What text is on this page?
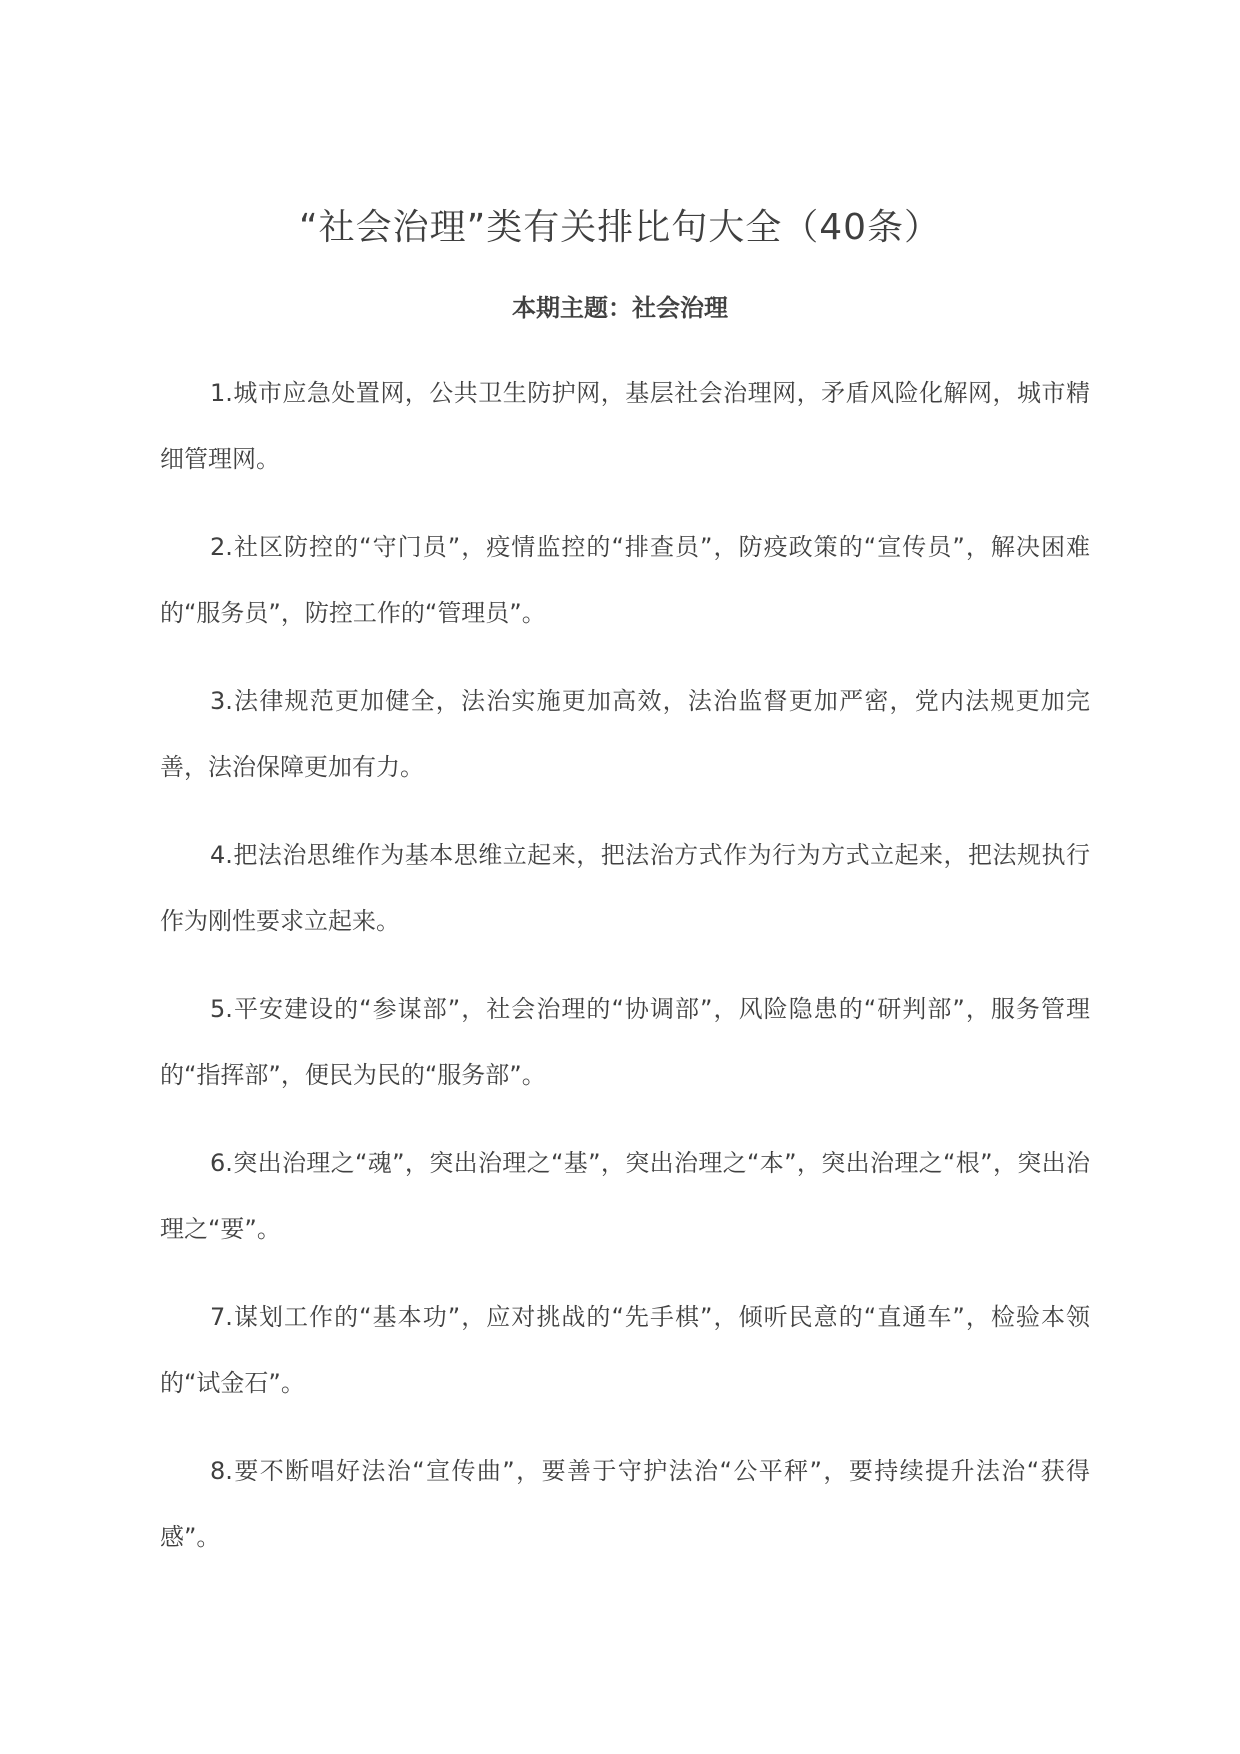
“社会治理”类有关排比句大全（40条）
本期主题：社会治理
1.城市应急处置网，公共卫生防护网，基层社会治理网，矛盾风险化解网，城市精细管理网。
2.社区防控的“守门员”，疫情监控的“排查员”，防疫政策的“宣传员”，解决困难的“服务员”，防控工作的“管理员”。
3.法律规范更加健全，法治实施更加高效，法治监督更加严密，党内法规更加完善，法治保障更加有力。
4.把法治思维作为基本思维立起来，把法治方式作为行为方式立起来，把法规执行作为刚性要求立起来。
5.平安建设的“参谋部”，社会治理的“协调部”，风险隐患的“研判部”，服务管理的“指挥部”，便民为民的“服务部”。
6.突出治理之“魂”，突出治理之“基”，突出治理之“本”，突出治理之“根”，突出治理之“要”。
7.谋划工作的“基本功”，应对挑战的“先手棋”，倾听民意的“直通车”，检验本领的“试金石”。
8.要不断唱好法治“宣传曲”，要善于守护法治“公平秤”，要持续提升法治“获得感”。
